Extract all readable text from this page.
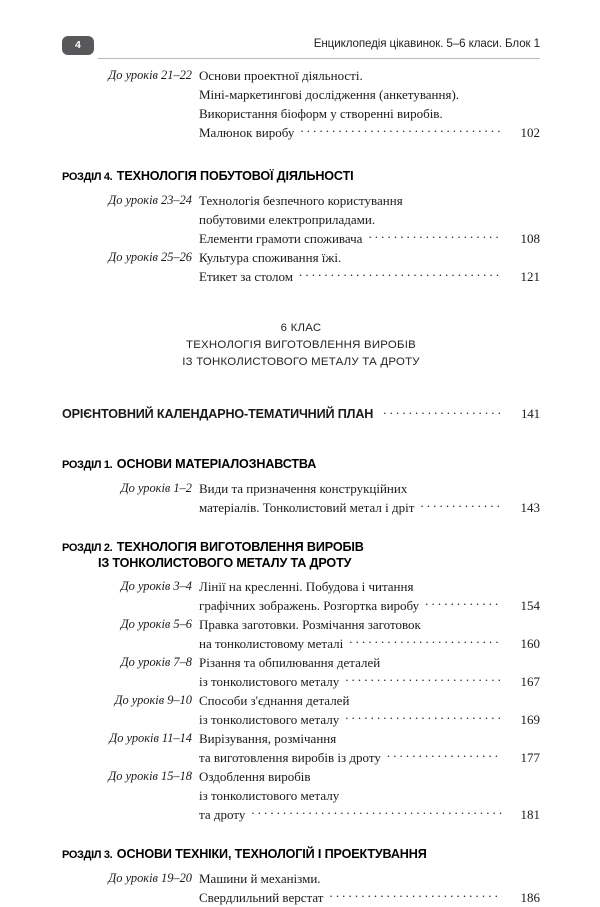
4	Енциклопедія цікавинок. 5–6 класи. Блок 1
До уроків 21–22 Основи проектної діяльності.
Міні-маркетингові дослідження (анкетування).
Використання біоформ у створенні виробів.
Малюнок виробу .....	102
РОЗДІЛ 4. ТЕХНОЛОГІЯ ПОБУТОВОЇ ДІЯЛЬНОСТІ
До уроків 23–24 Технологія безпечного користування
побутовими електроприладами.
Елементи грамоти споживача .....	108
До уроків 25–26 Культура споживання їжі.
Етикет за столом .....	121
6 КЛАС
ТЕХНОЛОГІЯ ВИГОТОВЛЕННЯ ВИРОБІВ
ІЗ ТОНКОЛИСТОВОГО МЕТАЛУ ТА ДРОТУ
ОРІЄНТОВНИЙ КАЛЕНДАРНО-ТЕМАТИЧНИЙ ПЛАН .....	141
РОЗДІЛ 1. ОСНОВИ МАТЕРІАЛОЗНАВСТВА
До уроків 1–2 Види та призначення конструкційних
матеріалів. Тонколистовий метал і дріт .....	143
РОЗДІЛ 2. ТЕХНОЛОГІЯ ВИГОТОВЛЕННЯ ВИРОБІВ
ІЗ ТОНКОЛИСТОВОГО МЕТАЛУ ТА ДРОТУ
До уроків 3–4 Лінії на кресленні. Побудова і читання
графічних зображень. Розгортка виробу .....	154
До уроків 5–6 Правка заготовки. Розмічання заготовок
на тонколистовому металі .....	160
До уроків 7–8 Різання та обпилювання деталей
із тонколистового металу .....	167
До уроків 9–10 Способи з'єднання деталей
із тонколистового металу .....	169
До уроків 11–14 Вирізування, розмічання
та виготовлення виробів із дроту .....	177
До уроків 15–18 Оздоблення виробів
із тонколистового металу
та дроту .....	181
РОЗДІЛ 3. ОСНОВИ ТЕХНІКИ, ТЕХНОЛОГІЙ І ПРОЕКТУВАННЯ
До уроків 19–20 Машини й механізми.
Свердлильний верстат .....	186
